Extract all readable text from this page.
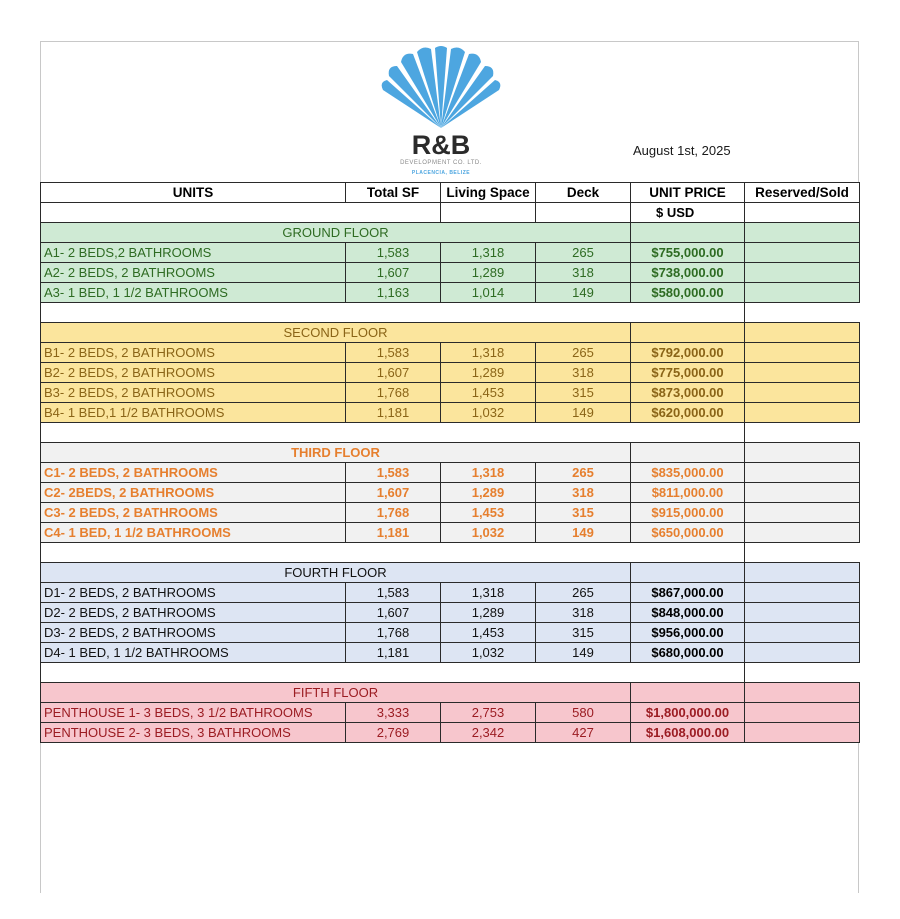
R&B
DEVELOPMENT CO. LTD.
PLACENCIA, BELIZE
August 1st, 2025
UNITS	Total SF	Living Space	Deck	UNIT PRICE	Reserved/Sold
				$ USD	
GROUND FLOOR					
A1- 2 BEDS,2 BATHROOMS	1,583	1,318	265	$755,000.00	
A2- 2 BEDS, 2 BATHROOMS	1,607	1,289	318	$738,000.00	
A3- 1 BED, 1 1/2 BATHROOMS	1,163	1,014	149	$580,000.00	

SECOND FLOOR					
B1- 2 BEDS, 2 BATHROOMS	1,583	1,318	265	$792,000.00	
B2- 2 BEDS, 2 BATHROOMS	1,607	1,289	318	$775,000.00	
B3- 2 BEDS, 2 BATHROOMS	1,768	1,453	315	$873,000.00	
B4- 1 BED,1 1/2 BATHROOMS	1,181	1,032	149	$620,000.00	

THIRD FLOOR					
C1- 2 BEDS, 2 BATHROOMS	1,583	1,318	265	$835,000.00	
C2- 2BEDS, 2 BATHROOMS	1,607	1,289	318	$811,000.00	
C3- 2 BEDS, 2 BATHROOMS	1,768	1,453	315	$915,000.00	
C4- 1 BED, 1 1/2 BATHROOMS	1,181	1,032	149	$650,000.00	

FOURTH FLOOR					
D1- 2 BEDS, 2 BATHROOMS	1,583	1,318	265	$867,000.00	
D2- 2 BEDS, 2 BATHROOMS	1,607	1,289	318	$848,000.00	
D3- 2 BEDS, 2 BATHROOMS	1,768	1,453	315	$956,000.00	
D4- 1 BED, 1 1/2 BATHROOMS	1,181	1,032	149	$680,000.00	

FIFTH FLOOR					
PENTHOUSE 1- 3 BEDS, 3 1/2 BATHROOMS	3,333	2,753	580	$1,800,000.00	
PENTHOUSE 2- 3 BEDS, 3 BATHROOMS	2,769	2,342	427	$1,608,000.00	
